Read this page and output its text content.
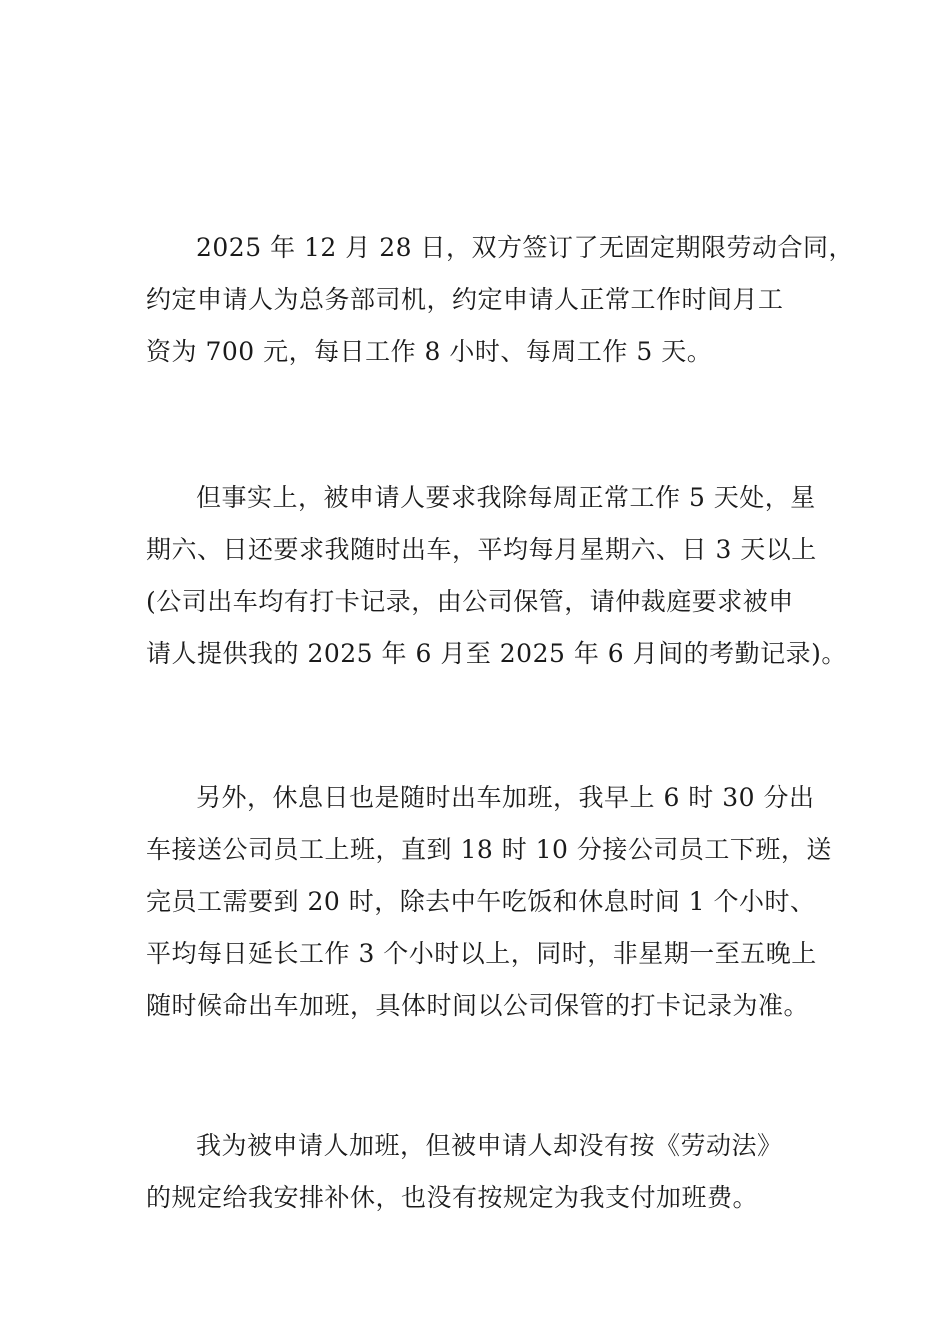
2025 年 12 月 28 日，双方签订了无固定期限劳动合同，
约定申请人为总务部司机，约定申请人正常工作时间月工
资为 700 元，每日工作 8 小时、每周工作 5 天。
但事实上，被申请人要求我除每周正常工作 5 天处，星
期六、日还要求我随时出车，平均每月星期六、日 3 天以上
(公司出车均有打卡记录，由公司保管，请仲裁庭要求被申
请人提供我的 2025 年 6 月至 2025 年 6 月间的考勤记录)。
另外，休息日也是随时出车加班，我早上 6 时 30 分出
车接送公司员工上班，直到 18 时 10 分接公司员工下班，送
完员工需要到 20 时，除去中午吃饭和休息时间 1 个小时、
平均每日延长工作 3 个小时以上，同时，非星期一至五晚上
随时候命出车加班，具体时间以公司保管的打卡记录为准。
我为被申请人加班，但被申请人却没有按《劳动法》
的规定给我安排补休，也没有按规定为我支付加班费。
